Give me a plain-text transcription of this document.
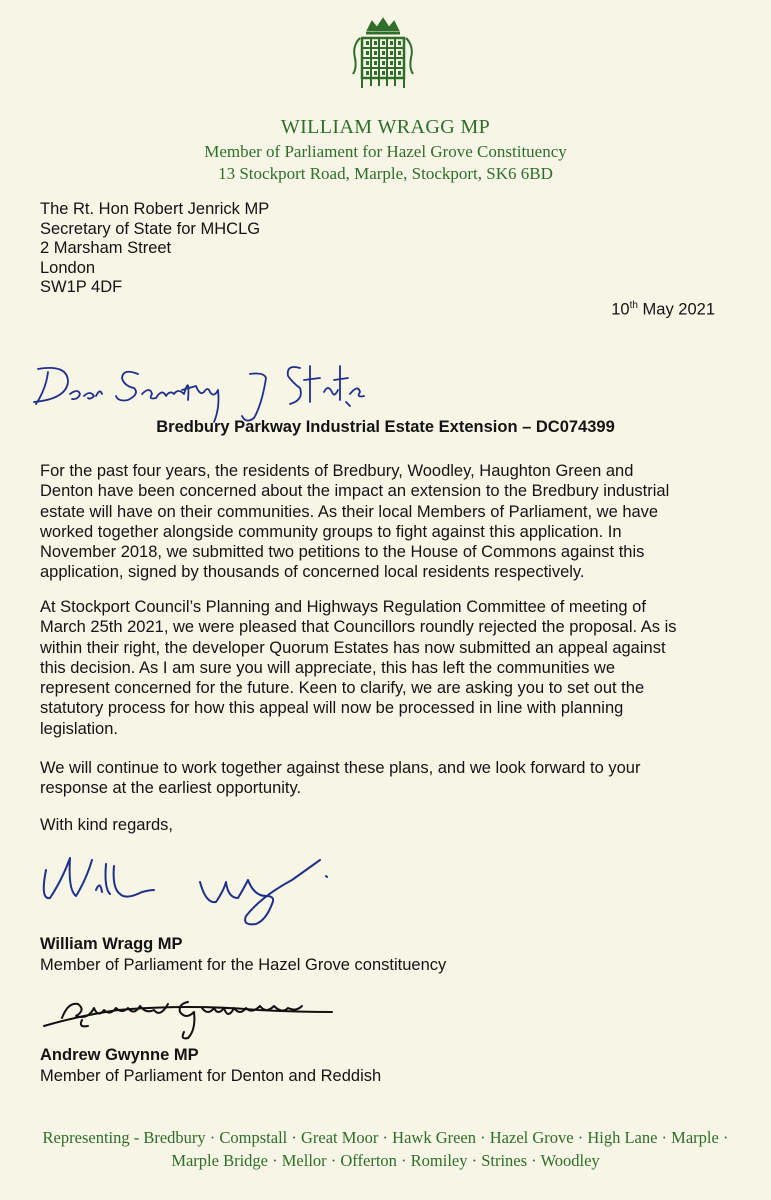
WILLIAM WRAGG MP
Member of Parliament for Hazel Grove Constituency
13 Stockport Road, Marple, Stockport, SK6 6BD
The Rt. Hon Robert Jenrick MP
Secretary of State for MHCLG
2 Marsham Street
London
SW1P 4DF
10th May 2021
Bredbury Parkway Industrial Estate Extension – DC074399
For the past four years, the residents of Bredbury, Woodley, Haughton Green and
Denton have been concerned about the impact an extension to the Bredbury industrial
estate will have on their communities. As their local Members of Parliament, we have
worked together alongside community groups to fight against this application. In
November 2018, we submitted two petitions to the House of Commons against this
application, signed by thousands of concerned local residents respectively.
At Stockport Council’s Planning and Highways Regulation Committee of meeting of
March 25th 2021, we were pleased that Councillors roundly rejected the proposal. As is
within their right, the developer Quorum Estates has now submitted an appeal against
this decision. As I am sure you will appreciate, this has left the communities we
represent concerned for the future. Keen to clarify, we are asking you to set out the
statutory process for how this appeal will now be processed in line with planning
legislation.
We will continue to work together against these plans, and we look forward to your
response at the earliest opportunity.
With kind regards,
William Wragg MP
Member of Parliament for the Hazel Grove constituency
Andrew Gwynne MP
Member of Parliament for Denton and Reddish
Representing - Bredbury · Compstall · Great Moor · Hawk Green · Hazel Grove · High Lane · Marple ·
Marple Bridge · Mellor · Offerton · Romiley · Strines · Woodley
